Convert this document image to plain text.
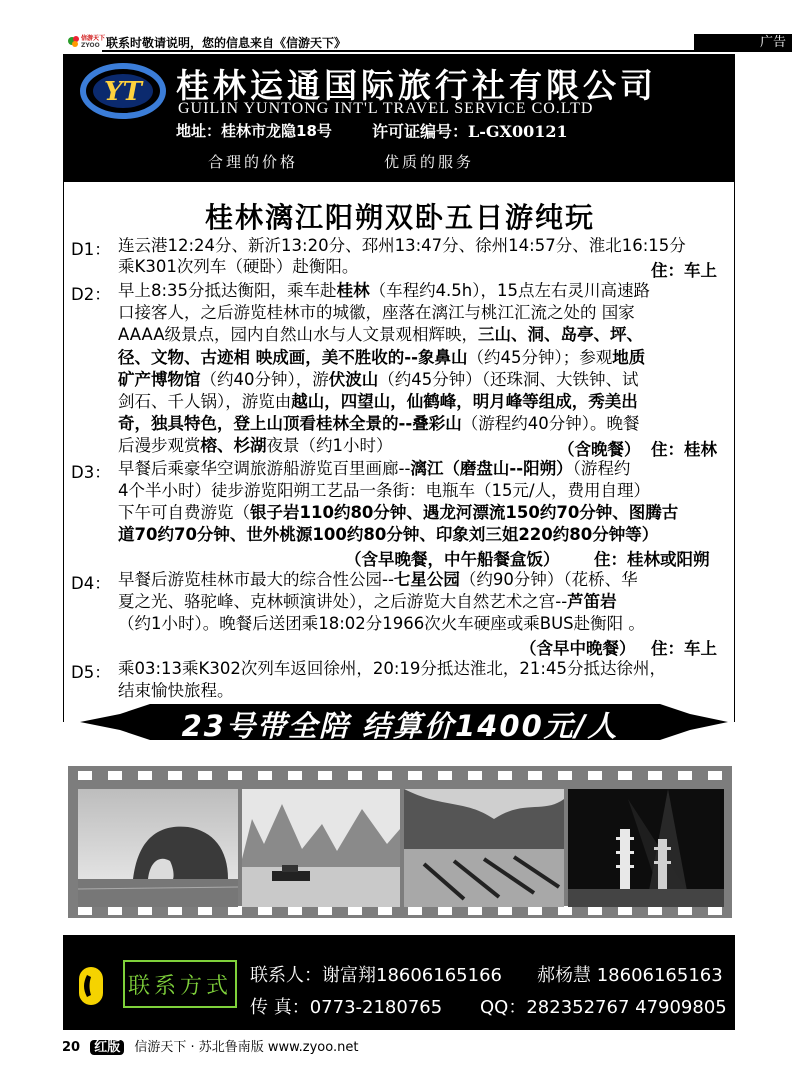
信游天下
ZYOO 联系时敬请说明，您的信息来自《信游天下》	广告
YT 桂林运通国际旅行社有限公司
GUILIN YUNTONG INT'L TRAVEL SERVICE CO.LTD
地址：桂林市龙隐18号	许可证编号：L-GX00121
合理的价格	优质的服务
桂林漓江阳朔双卧五日游纯玩
D1： 连云港12:24分、新沂13:20分、邳州13:47分、徐州14:57分、淮北16:15分
乘K301次列车（硬卧）赴衡阳。	住：车上
D2： 早上8:35分抵达衡阳，乘车赴桂林（车程约4.5h），15点左右灵川高速路
口接客人，之后游览桂林市的城徽，座落在漓江与桃江汇流之处的 国家
AAAA级景点，园内自然山水与人文景观相辉映，三山、洞、岛亭、坪、
径、文物、古迹相 映成画，美不胜收的--象鼻山（约45分钟）；参观地质
矿产博物馆（约40分钟），游伏波山（约45分钟）（还珠洞、大铁钟、试
剑石、千人锅），游览由越山，四望山，仙鹤峰，明月峰等组成，秀美出
奇，独具特色，登上山顶看桂林全景的--叠彩山（游程约40分钟）。晚餐
后漫步观赏榕、杉湖夜景（约1小时）	（含晚餐） 住：桂林
D3： 早餐后乘豪华空调旅游船游览百里画廊--漓江（磨盘山--阳朔）（游程约
4个半小时）徒步游览阳朔工艺品一条街：电瓶车（15元/人，费用自理）
下午可自费游览（银子岩110约80分钟、遇龙河漂流150约70分钟、图腾古
道70约70分钟、世外桃源100约80分钟、印象刘三姐220约80分钟等）
（含早晚餐，中午船餐盒饭） 住：桂林或阳朔
D4： 早餐后游览桂林市最大的综合性公园--七星公园（约90分钟）（花桥、华
夏之光、骆驼峰、克林顿演讲处），之后游览大自然艺术之宫--芦笛岩
（约1小时）。晚餐后送团乘18:02分1966次火车硬座或乘BUS赴衡阳 。
（含早中晚餐） 住：车上
D5： 乘03:13乘K302次列车返回徐州，20:19分抵达淮北，21:45分抵达徐州，
结束愉快旅程。
23号带全陪 结算价1400元/人
联系方式 联系人：谢富翔18606165166 郝杨慧 18606165163
传 真：0773-2180765 QQ：282352767 47909805
20 红版 信游天下 · 苏北鲁南版 www.zyoo.net
